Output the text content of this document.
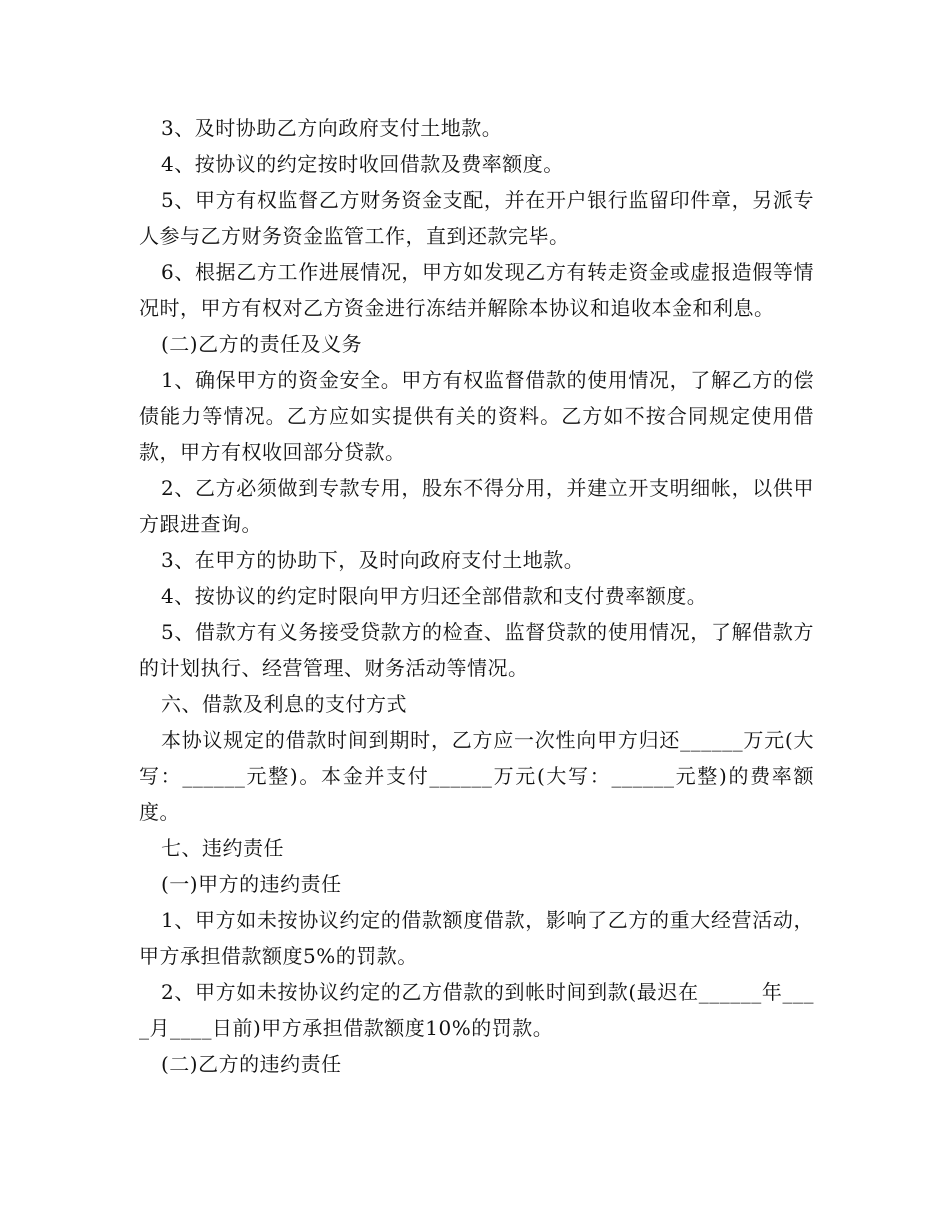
3、及时协助乙方向政府支付土地款。

4、按协议的约定按时收回借款及费率额度。

5、甲方有权监督乙方财务资金支配，并在开户银行监留印件章，另派专人参与乙方财务资金监管工作，直到还款完毕。

6、根据乙方工作进展情况，甲方如发现乙方有转走资金或虚报造假等情况时，甲方有权对乙方资金进行冻结并解除本协议和追收本金和利息。

(二)乙方的责任及义务

1、确保甲方的资金安全。甲方有权监督借款的使用情况，了解乙方的偿债能力等情况。乙方应如实提供有关的资料。乙方如不按合同规定使用借款，甲方有权收回部分贷款。

2、乙方必须做到专款专用，股东不得分用，并建立开支明细帐，以供甲方跟进查询。

3、在甲方的协助下，及时向政府支付土地款。

4、按协议的约定时限向甲方归还全部借款和支付费率额度。

5、借款方有义务接受贷款方的检查、监督贷款的使用情况，了解借款方的计划执行、经营管理、财务活动等情况。

六、借款及利息的支付方式

本协议规定的借款时间到期时，乙方应一次性向甲方归还______万元(大写：______元整)。本金并支付______万元(大写：______元整)的费率额度。

七、违约责任

(一)甲方的违约责任

1、甲方如未按协议约定的借款额度借款，影响了乙方的重大经营活动，甲方承担借款额度5%的罚款。

2、甲方如未按协议约定的乙方借款的到帐时间到款(最迟在______年____月____日前)甲方承担借款额度10%的罚款。

(二)乙方的违约责任
